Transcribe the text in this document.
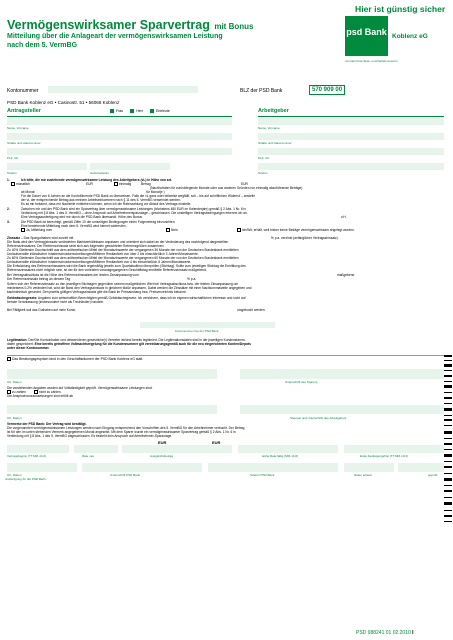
Hier ist günstig sicher
Vermögenswirksamer Sparvertrag mit Bonus
Mitteilung über die Anlageart der vermögenswirksamen Leistung
nach dem 5. VermBG
psd Bank Koblenz eG
vormals Post-Spar- und Darlehnsverein
Kontonummer	BLZ der PSD Bank	570 909 00
PSD Bank Koblenz eG • Casinostr. 51 • 56068 Koblenz
Antragsteller	Frau	Herr	Eheleute
Name, Vorname
Straße und Hausnummer
PLZ, Ort
Telefon	Geburtsdatum
Arbeitgeber
Name, Vorname
Straße und Hausnummer
PLZ, Ort
Telefon
1.	Ich bitte, die mir zustehende vermögenswirksame Leistung des Arbeitgebers (vL) in Höhe von zzt.
monatlich	EUR	einmalig	Betrag	EUR
(Nachholraten für zurückliegende Monate oder aus anderen Gründen nur einmalig abzuführende Beträge)
ab Monat	für Monat(e )
Für die Dauer von 6 Jahren an die Kontoführende PSD Bank zu überweisen. Falls die vL ganz oder teilweise wegfällt, soll – bis auf schriftlichen Widerruf – anstelle
der vL der entsprechende Betrag aus meinem Arbeitseinkommen nach § 11 des 5. VermBG verwendet werden.
Es ist mir bekannt, dass mir Nachteile entstehen können, wenn ich die Ratenzahlung vor Ablauf des Vertrags einstelle.
2.	Zwischen mir und der PSD Bank wird ein Sparvertrag über vermögenswirksame Leistungen (höchstens 480 EUR im Kalenderjahr) gemäß § 2 Abs. 1 Nr. 6 in
Verbindung mit § 8 Abs. 1 des 5. VermBG – ohne Anspruch auf Arbeitnehmersparzulage – geschlossen. Die unsteifigen Vertragsbedingungen erkenne ich an.
Eine Vertragsausfertigung wird mir durch die PSD Bank übersandt. Höhe des Bonus	v.H.
3.	Die PSD Bank ist berechtigt, gemäß Ziffer 10 der umseitigen Bedingungen einen Folgevertrag einzurichten.
Eine bestehende Mitteilung nach dem 5. VermBG wird hiermit widerrufen.
Ja, Mitteilung vom	Nein	Ich/Wir, erhält, weil bisher keine Beträge vermögenswirksam angelegt wurden.
Zinssatz – Das Sparguthaben wird zurzeit mit	% p.a. verzinst (anfänglicher Vertragszinssatz).
Die Bank wird den Vertrag(zinssatz veränderten Marktverhältnissen anpassen und orientiert sich dabei an der Veränderung des nachfolgend dargestellten
Referenzzinssatzes. Der Referenzzinssatz setzt sich aus folgenden gewichteten Referenzgrößen zusammen:
Zu 40% Gleitender Durchschnitt aus dem arithmetischen Mittel der Monatszinswerte der vergangenen 36 Monate der von der Deutschen Bundesbank ermittelten
Umlaufsrendite inländischer Inhaberschuldverschreibungen/Mittlerer Restlaufzeit von über 2 bis einschließlich 3 Jahren/Monatswerte.
Zu 60% Gleitender Durchschnitt aus dem arithmetischen Mittel der Monatszinswerte der vergangenen 60 Monate der von der Deutschen Bundesbank ermittelten
Umlaufsrendite inländischer Inhaberschuldverschreibungen/Mittlerer Restlaufzeit von 4 bis einschließlich 5 Jahren/Monatswerte.
Die Entwicklung des Referenzzinssatzes wird die Bank regelmäßig jeweils zum Quartalsultimo überprüfen (Stichtag). Sollte zum jeweiligen Stichtag die Ermittlung des
Referenzzinssatzes nicht möglich sein, ist der für den vorletzten vorausgegangenen Geschäftstag ermittelte Referenzzinssatz maßgebend.
Bei Vertragsabschluss ist die Höhe des Referenzzinssatzes der letzten Zinsanpassung vom	maßgebend
Der Referenzzinssatz betrug an diesem Tag	% p.a.
Sofern sich der Referenzzinssatz zu den jeweiligen Stichtagen gegenüber seinem maßgeblichen Wert bei Vertragsabschluss bzw. der letzten Zinsanpassung um
mindestens 0,2% verändert hat, wird die Bank den Vertragszinssatz in gleichem Maße anpassen. Dabei werden die Zinssätze mit einer Nachkommastelle angegeben und
kaufmännisch gerundet. Den jeweils gültigen Vertragszinssatz gibt die Bank im Preisaushang bzw. Preisverzeichnis bekannt.
Geldwäschegesetz: Angaben zum wirtschaftlich Berechtigten gemäß Geldwäschegesetz: Ich versichere, dass ich im eigenen wirtschaftlichen Interesse und nicht auf
fremde Veranlassung (insbesondere nicht als Treuhänder) handele.
Bei Fälligkeit soll das Guthaben auf mein Konto	umgebucht werden.
Kontonummer bei der PSD Bank
Legitimation: Der/Die Kontoinhaber und dessen/deren gesetzliche(r) Vertreter ist/sind bereits legitimiert. Die Legitimationsdaten sind in der jeweiligen Kundenstamm-
daten gespeichert. Eine bereits getroffene Vollmachtsregelung für die Kundennummer gilt vereinbarungsgemäß auch für die neu eingerichteten Konten/Depots
unter dieser Kontonummer.
Das Beratungsgespräch fand in den Geschäftsräumen der PSD Bank Koblenz eG statt.
Ort, Datum	Unterschrift des Sparers
Die vorstehenden Angaben wurden auf Vollständigkeit geprüft. Vermögenswirksame Leistungen sind:
zu zahlen	nicht zu zahlen.
Die Anspruchsvoraussetzungen sind erfüllt ab
Ort, Datum	Stempel und Unterschrift des Arbeitgebers
Vermerke der PSD Bank: Der Vertrag wird bestätigt.
Die vorgenannten vermögenswirksamen Leistungen werden nach Eingang entsprechend den Vorschriften des 5. VermBG für den Arbeitnehmer verbucht. Der Betrag
ist für den im unten stehenden Vermerk angegebenen Monat angesetzt. Mit dem Sparer wurde ein vermögenswirksamer Sparvertrag gemäß § 2 Abs. 1 Nr. 6 in
Verbindung mit § 8 Abs. 1 des 5. VermBG abgeschlossen. Es besteht kein Anspruch auf Arbeitnehmer-Sparzulage.
EUR	EUR
Vertragsbeginn (TT.MM.JJJJ)	Rate neu	Ausgleichsbetrag	letzte Rate fällig (MM.JJJJ)	Ende Festlegungsfrist (TT.MM.JJJJ)
Ort, Datum	Unterschrift PSD Bank	Telefon PSD Bank	Daten erfasst	geprüft
Ausfertigung für die PSD Bank
PSD 988241 01 02.2010 I
